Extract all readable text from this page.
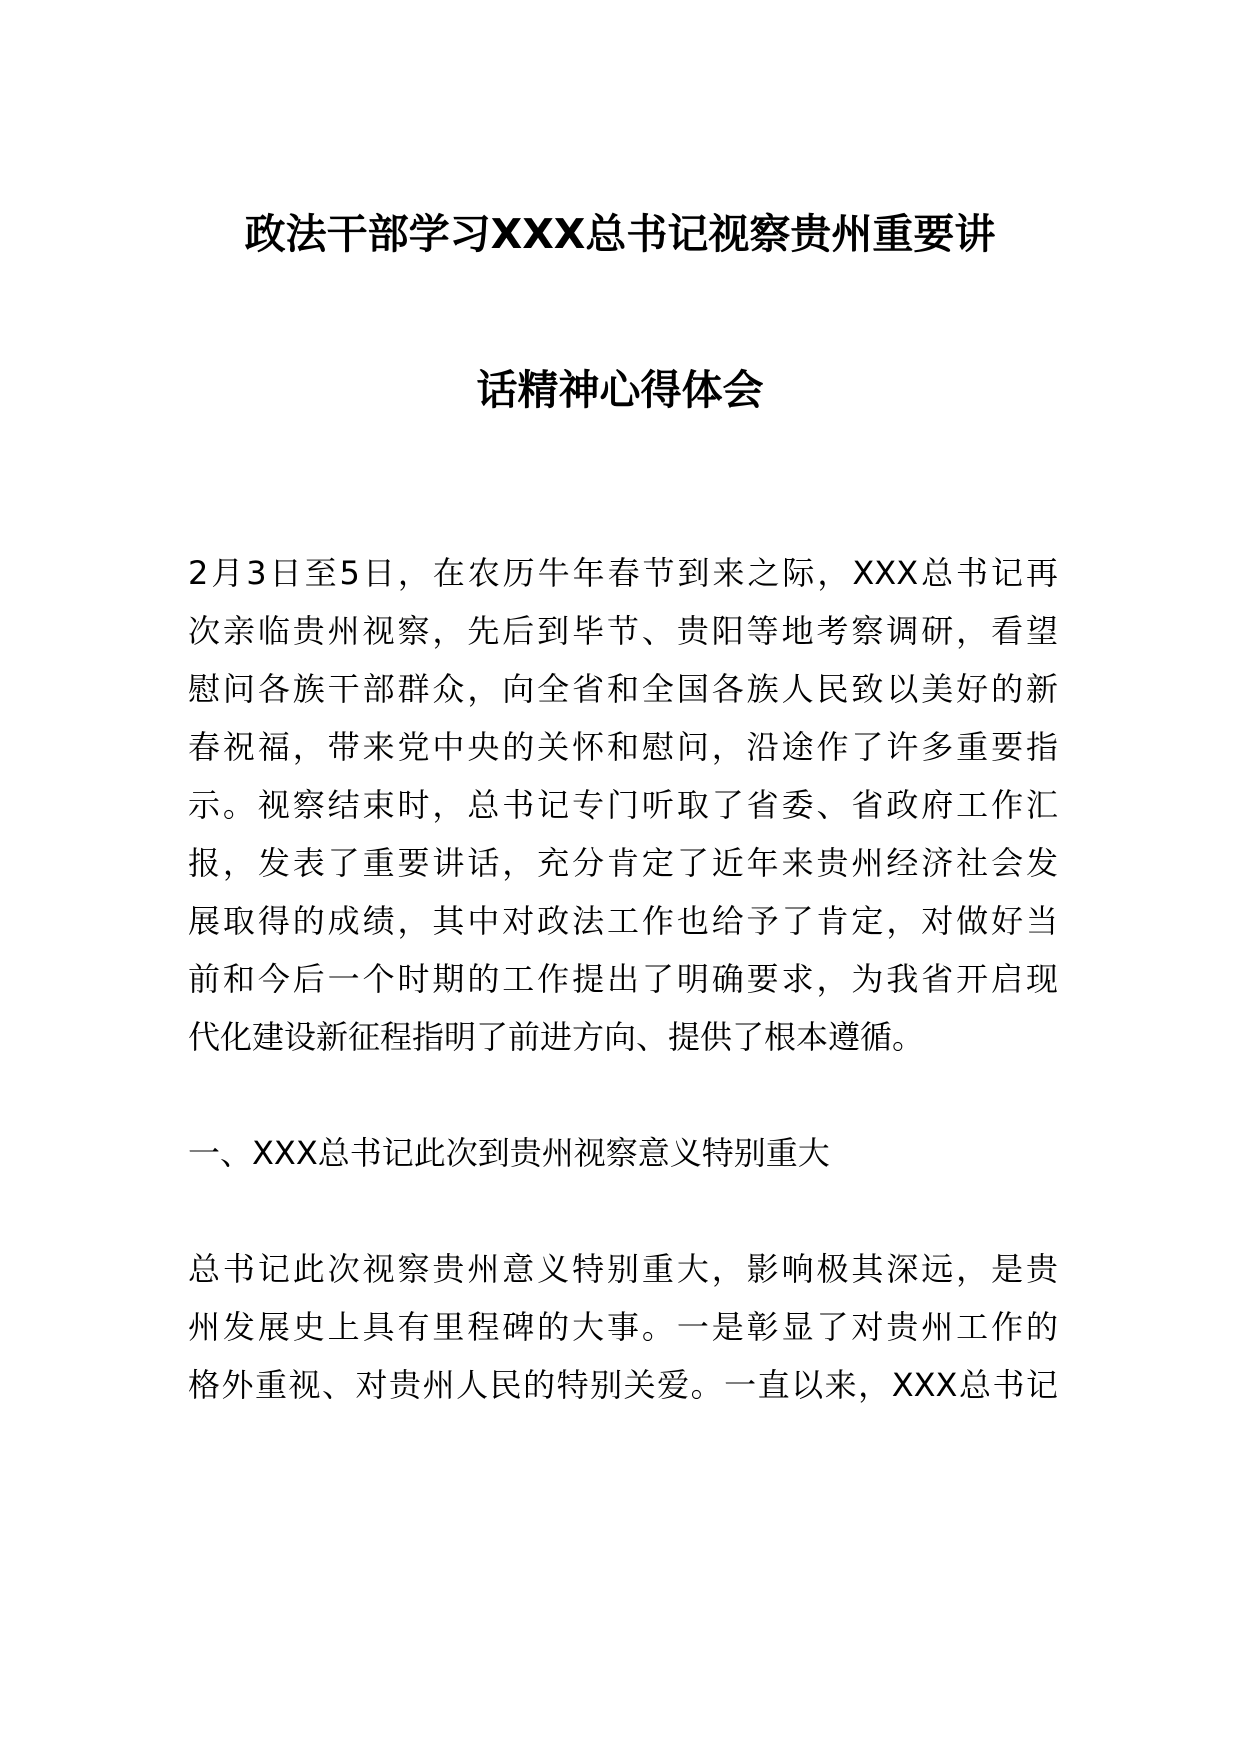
政法干部学习XXX总书记视察贵州重要讲
话精神心得体会
2月3日至5日，在农历牛年春节到来之际，XXX总书记再
次亲临贵州视察，先后到毕节、贵阳等地考察调研，看望
慰问各族干部群众，向全省和全国各族人民致以美好的新
春祝福，带来党中央的关怀和慰问，沿途作了许多重要指
示。视察结束时，总书记专门听取了省委、省政府工作汇
报，发表了重要讲话，充分肯定了近年来贵州经济社会发
展取得的成绩，其中对政法工作也给予了肯定，对做好当
前和今后一个时期的工作提出了明确要求，为我省开启现
代化建设新征程指明了前进方向、提供了根本遵循。
一、XXX总书记此次到贵州视察意义特别重大
总书记此次视察贵州意义特别重大，影响极其深远，是贵
州发展史上具有里程碑的大事。一是彰显了对贵州工作的
格外重视、对贵州人民的特别关爱。一直以来，XXX总书记
